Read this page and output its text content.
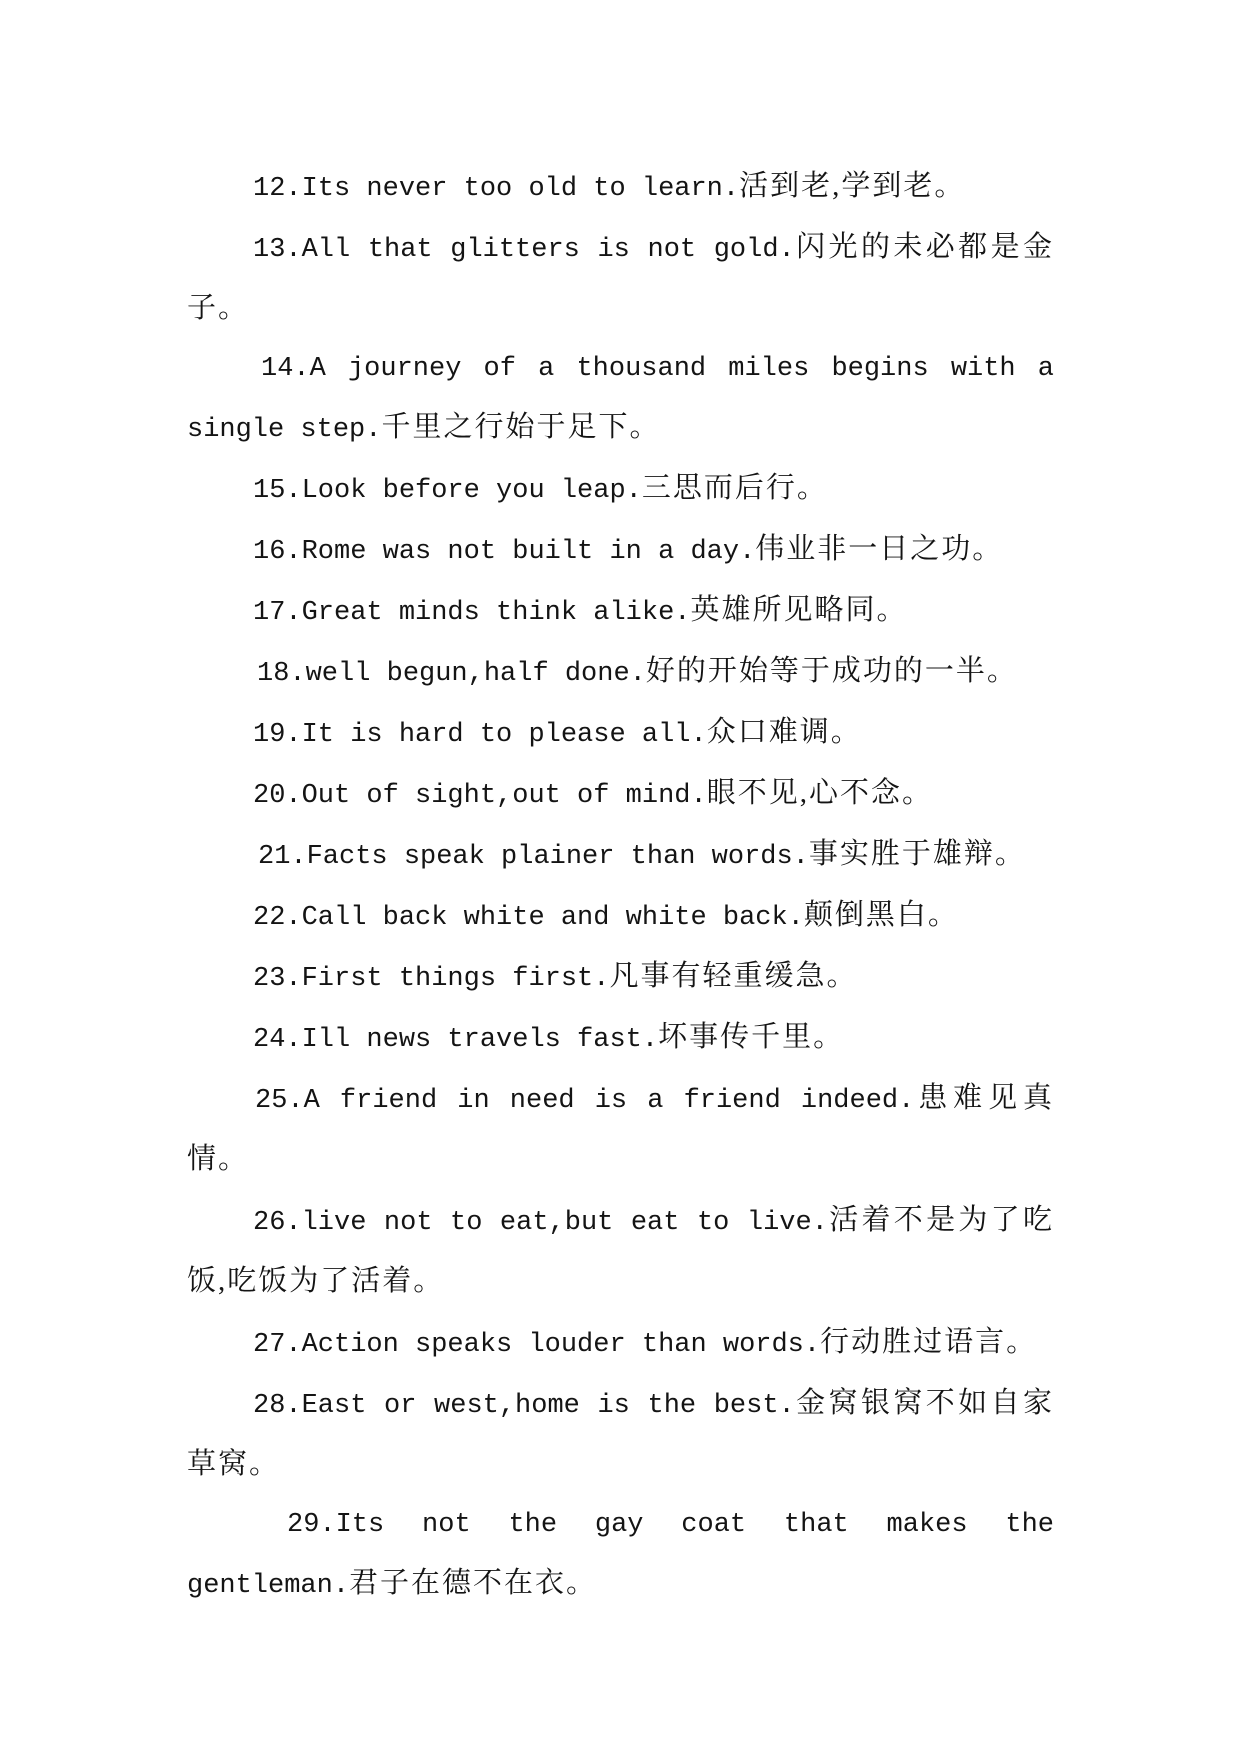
12.Its never too old to learn.活到老,学到老。

13.All that glitters is not gold.闪光的未必都是金子。

14.A journey of a thousand miles begins with a single step.千里之行始于足下。

15.Look before you leap.三思而后行。

16.Rome was not built in a day.伟业非一日之功。

17.Great minds think alike.英雄所见略同。

18.well begun,half done.好的开始等于成功的一半。

19.It is hard to please all.众口难调。

20.Out of sight,out of mind.眼不见,心不念。

21.Facts speak plainer than words.事实胜于雄辩。

22.Call back white and white back.颠倒黑白。

23.First things first.凡事有轻重缓急。

24.Ill news travels fast.坏事传千里。

25.A friend in need is a friend indeed.患难见真情。

26.live not to eat,but eat to live.活着不是为了吃饭,吃饭为了活着。

27.Action speaks louder than words.行动胜过语言。

28.East or west,home is the best.金窝银窝不如自家草窝。

29.Its not the gay coat that makes the gentleman.君子在德不在衣。
